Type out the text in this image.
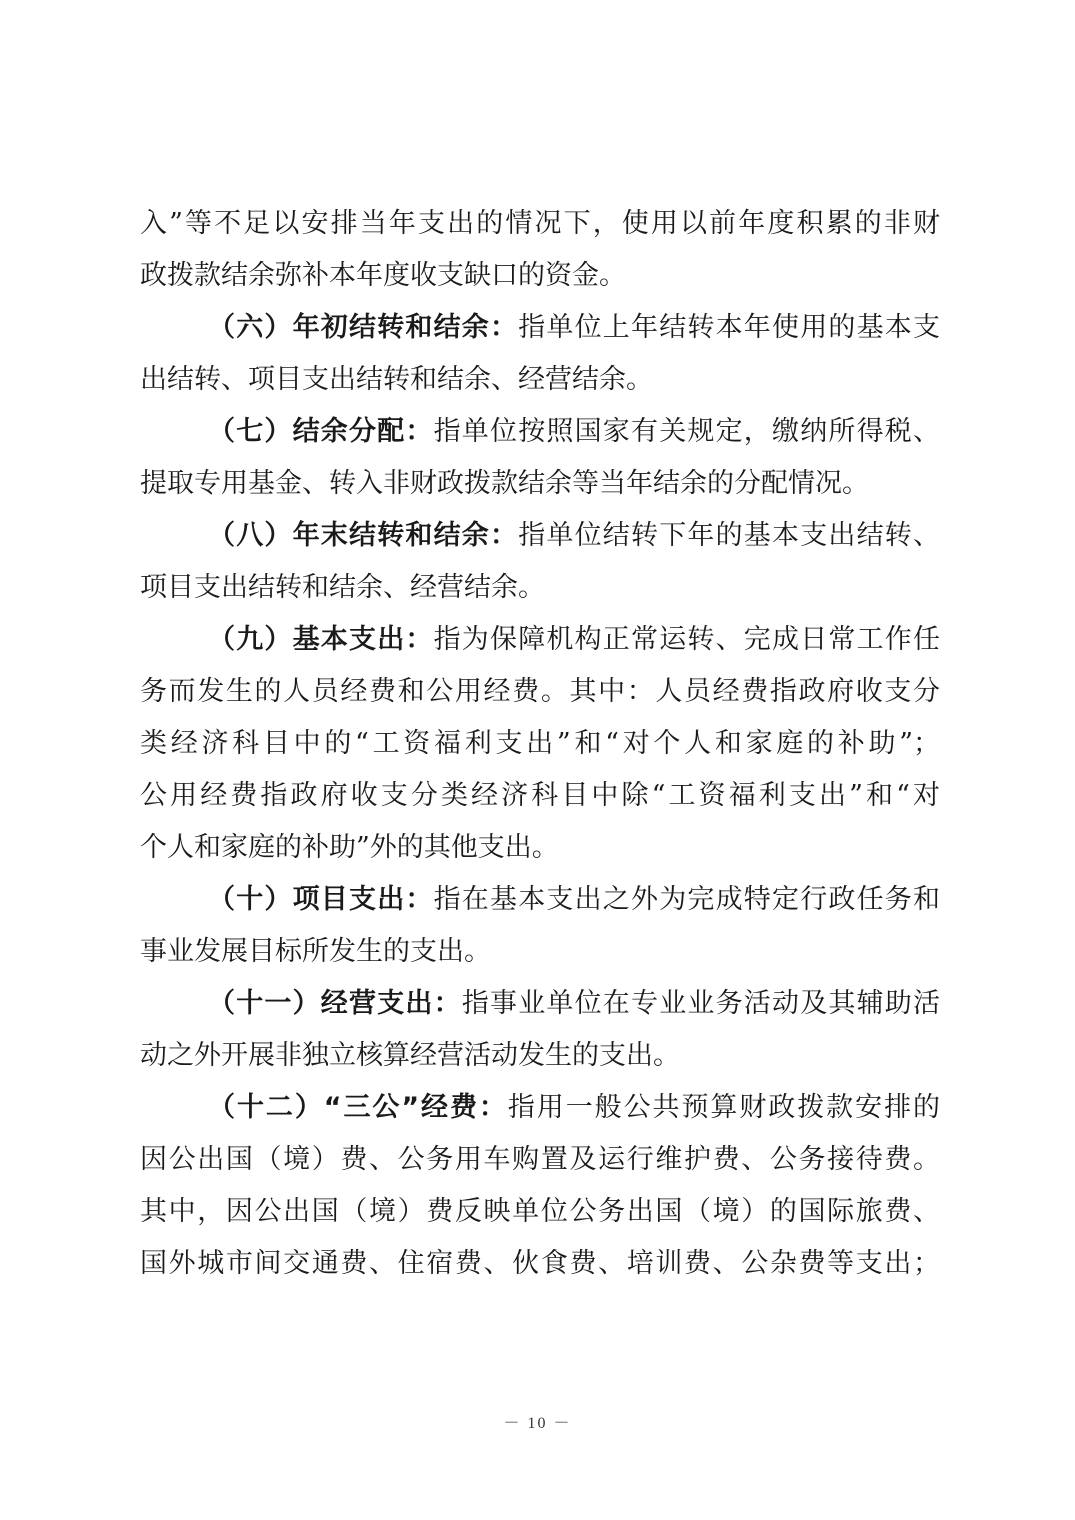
入”等不足以安排当年支出的情况下，使用以前年度积累的非财
政拨款结余弥补本年度收支缺口的资金。
（六）年初结转和结余：指单位上年结转本年使用的基本支
出结转、项目支出结转和结余、经营结余。
（七）结余分配：指单位按照国家有关规定，缴纳所得税、
提取专用基金、转入非财政拨款结余等当年结余的分配情况。
（八）年末结转和结余：指单位结转下年的基本支出结转、
项目支出结转和结余、经营结余。
（九）基本支出：指为保障机构正常运转、完成日常工作任
务而发生的人员经费和公用经费。其中：人员经费指政府收支分
类经济科目中的“工资福利支出”和“对个人和家庭的补助”；
公用经费指政府收支分类经济科目中除“工资福利支出”和“对
个人和家庭的补助”外的其他支出。
（十）项目支出：指在基本支出之外为完成特定行政任务和
事业发展目标所发生的支出。
（十一）经营支出：指事业单位在专业业务活动及其辅助活
动之外开展非独立核算经营活动发生的支出。
（十二）“三公”经费：指用一般公共预算财政拨款安排的
因公出国（境）费、公务用车购置及运行维护费、公务接待费。
其中，因公出国（境）费反映单位公务出国（境）的国际旅费、
国外城市间交通费、住宿费、伙食费、培训费、公杂费等支出；
－ 10 －
